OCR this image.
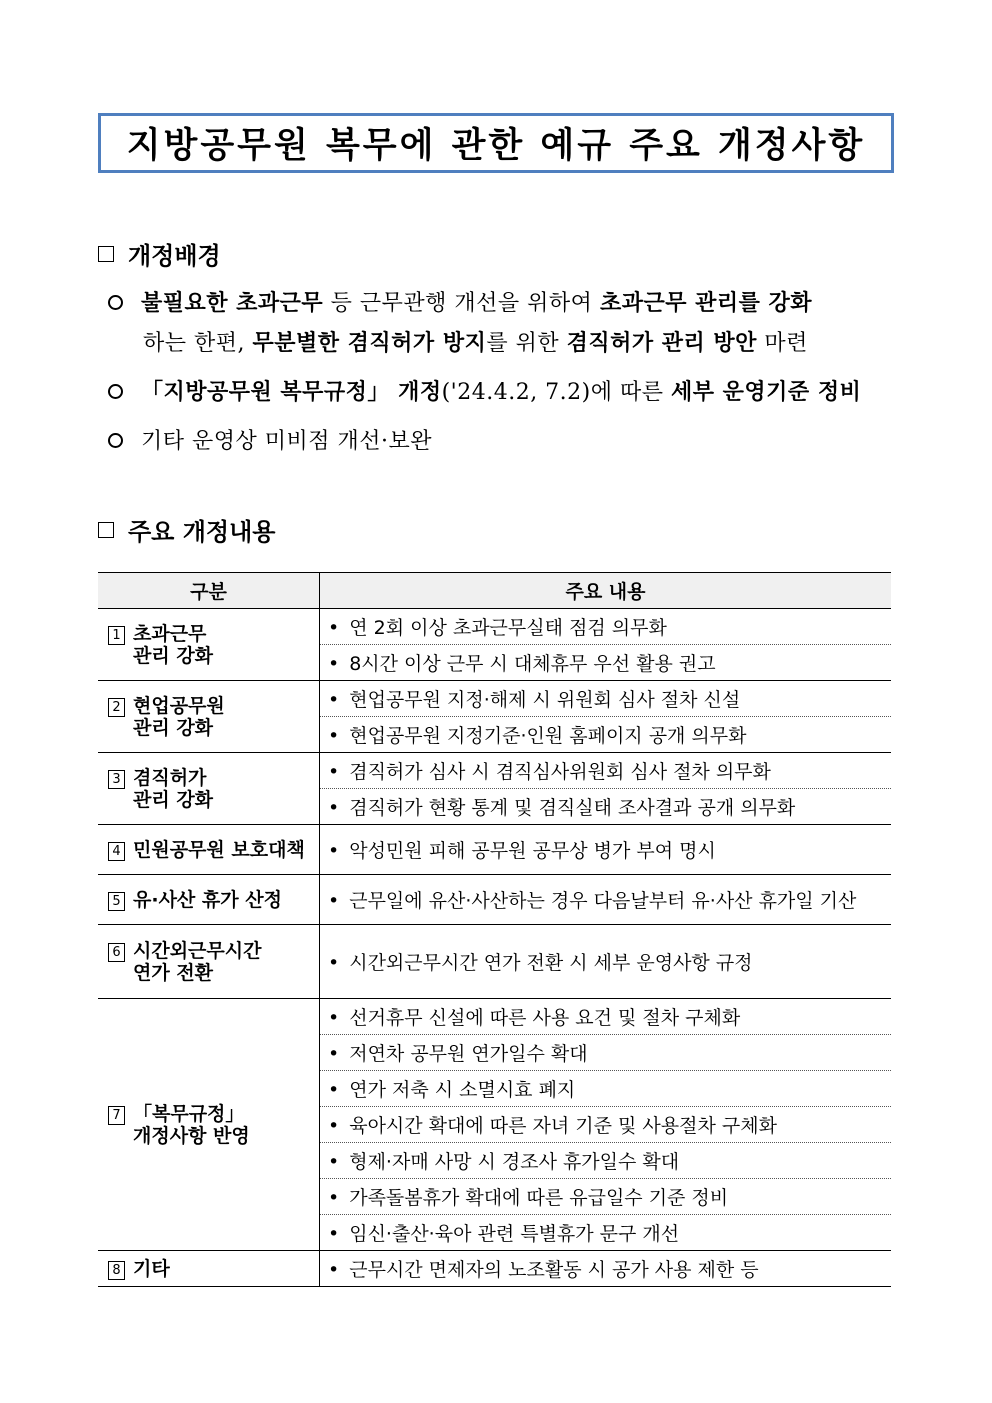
지방공무원 복무에 관한 예규 주요 개정사항
개정배경
불필요한 초과근무 등 근무관행 개선을 위하여 초과근무 관리를 강화
하는 한편, 무분별한 겸직허가 방지를 위한 겸직허가 관리 방안 마련
「지방공무원 복무규정」 개정('24.4.2, 7.2)에 따른 세부 운영기준 정비
기타 운영상 미비점 개선·보완
주요 개정내용
구분	주요 내용

1 초과근무
관리 강화	• 연 2회 이상 초과근무실태 점검 의무화
	• 8시간 이상 근무 시 대체휴무 우선 활용 권고

2 현업공무원
관리 강화	• 현업공무원 지정·해제 시 위원회 심사 절차 신설
	• 현업공무원 지정기준·인원 홈페이지 공개 의무화

3 겸직허가
관리 강화	• 겸직허가 심사 시 겸직심사위원회 심사 절차 의무화
	• 겸직허가 현황 통계 및 겸직실태 조사결과 공개 의무화

4 민원공무원 보호대책	• 악성민원 피해 공무원 공무상 병가 부여 명시

5 유·사산 휴가 산정	• 근무일에 유산·사산하는 경우 다음날부터 유·사산 휴가일 기산

6 시간외근무시간
연가 전환	• 시간외근무시간 연가 전환 시 세부 운영사항 규정

7 「복무규정」
개정사항 반영	• 선거휴무 신설에 따른 사용 요건 및 절차 구체화
	• 저연차 공무원 연가일수 확대
	• 연가 저축 시 소멸시효 폐지
	• 육아시간 확대에 따른 자녀 기준 및 사용절차 구체화
	• 형제·자매 사망 시 경조사 휴가일수 확대
	• 가족돌봄휴가 확대에 따른 유급일수 기준 정비
	• 임신·출산·육아 관련 특별휴가 문구 개선

8 기타	• 근무시간 면제자의 노조활동 시 공가 사용 제한 등
